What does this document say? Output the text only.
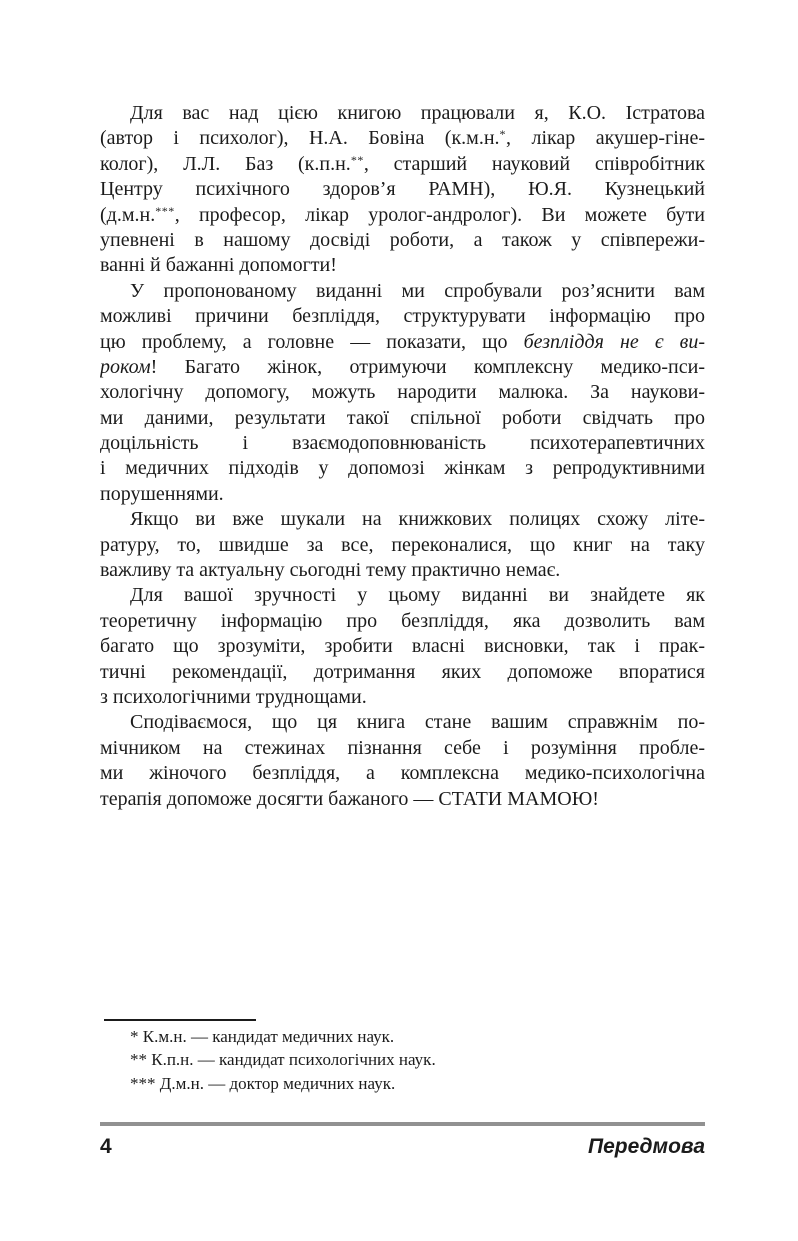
Для вас над цією книгою працювали я, К.О. Істратова
(автор і психолог), Н.А. Бовіна (к.м.н.*, лікар акушер-гіне-
колог), Л.Л. Баз (к.п.н.**, старший науковий співробітник
Центру психічного здоров’я РАМН), Ю.Я. Кузнецький
(д.м.н.***, професор, лікар уролог-андролог). Ви можете бути
упевнені в нашому досвіді роботи, а також у співпережи-
ванні й бажанні допомогти!
У пропонованому виданні ми спробували роз’яснити вам
можливі причини безпліддя, структурувати інформацію про
цю проблему, а головне — показати, що безпліддя не є ви-
роком! Багато жінок, отримуючи комплексну медико-пси-
хологічну допомогу, можуть народити малюка. За наукови-
ми даними, результати такої спільної роботи свідчать про
доцільність і взаємодоповнюваність психотерапевтичних
і медичних підходів у допомозі жінкам з репродуктивними
порушеннями.
Якщо ви вже шукали на книжкових полицях схожу літе-
ратуру, то, швидше за все, переконалися, що книг на таку
важливу та актуальну сьогодні тему практично немає.
Для вашої зручності у цьому виданні ви знайдете як
теоретичну інформацію про безпліддя, яка дозволить вам
багато що зрозуміти, зробити власні висновки, так і прак-
тичні рекомендації, дотримання яких допоможе впоратися
з психологічними труднощами.
Сподіваємося, що ця книга стане вашим справжнім по-
мічником на стежинах пізнання себе і розуміння пробле-
ми жіночого безпліддя, а комплексна медико-психологічна
терапія допоможе досягти бажаного — СТАТИ МАМОЮ!
* К.м.н. — кандидат медичних наук.
** К.п.н. — кандидат психологічних наук.
*** Д.м.н. — доктор медичних наук.
4	Передмова
